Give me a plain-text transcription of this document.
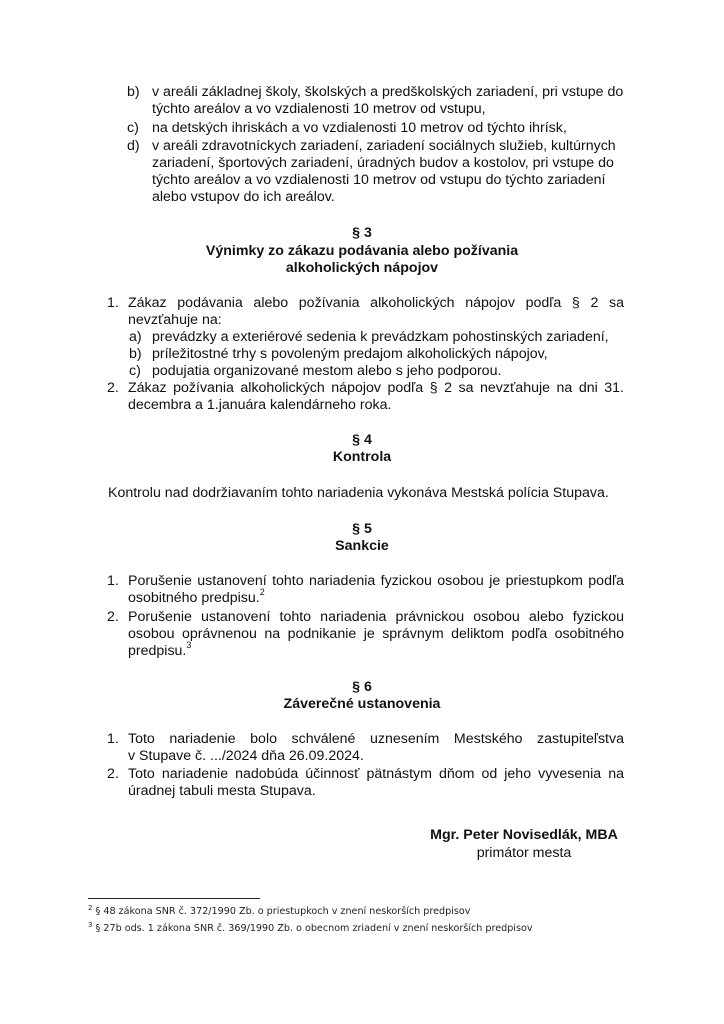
b) v areáli základnej školy, školských a predškolských zariadení, pri vstupe do
týchto areálov a vo vzdialenosti 10 metrov od vstupu,
c) na detských ihriskách a vo vzdialenosti 10 metrov od týchto ihrísk,
d) v areáli zdravotníckych zariadení, zariadení sociálnych služieb, kultúrnych
zariadení, športových zariadení, úradných budov a kostolov, pri vstupe do
týchto areálov a vo vzdialenosti 10 metrov od vstupu do týchto zariadení
alebo vstupov do ich areálov.
§ 3
Výnimky zo zákazu podávania alebo požívania
alkoholických nápojov
1. Zákaz podávania alebo požívania alkoholických nápojov podľa § 2 sa
nevzťahuje na:
a) prevádzky a exteriérové sedenia k prevádzkam pohostinských zariadení,
b) príležitostné trhy s povoleným predajom alkoholických nápojov,
c) podujatia organizované mestom alebo s jeho podporou.
2. Zákaz požívania alkoholických nápojov podľa § 2 sa nevzťahuje na dni 31.
decembra a 1.januára kalendárneho roka.
§ 4
Kontrola
Kontrolu nad dodržiavaním tohto nariadenia vykonáva Mestská polícia Stupava.
§ 5
Sankcie
1. Porušenie ustanovení tohto nariadenia fyzickou osobou je priestupkom podľa
osobitného predpisu.$^2$
2. Porušenie ustanovení tohto nariadenia právnickou osobou alebo fyzickou
osobou oprávnenou na podnikanie je správnym deliktom podľa osobitného
predpisu.$^3$
§ 6
Záverečné ustanovenia
1. Toto nariadenie bolo schválené uznesením Mestského zastupiteľstva
v Stupave č. .../2024 dňa 26.09.2024.
2. Toto nariadenie nadobúda účinnosť pätnástym dňom od jeho vyvesenia na
úradnej tabuli mesta Stupava.
Mgr. Peter Novisedlák, MBA
primátor mesta
$^2$ § 48 zákona SNR č. 372/1990 Zb. o priestupkoch v znení neskorších predpisov
$^3$ § 27b ods. 1 zákona SNR č. 369/1990 Zb. o obecnom zriadení v znení neskorších predpisov
